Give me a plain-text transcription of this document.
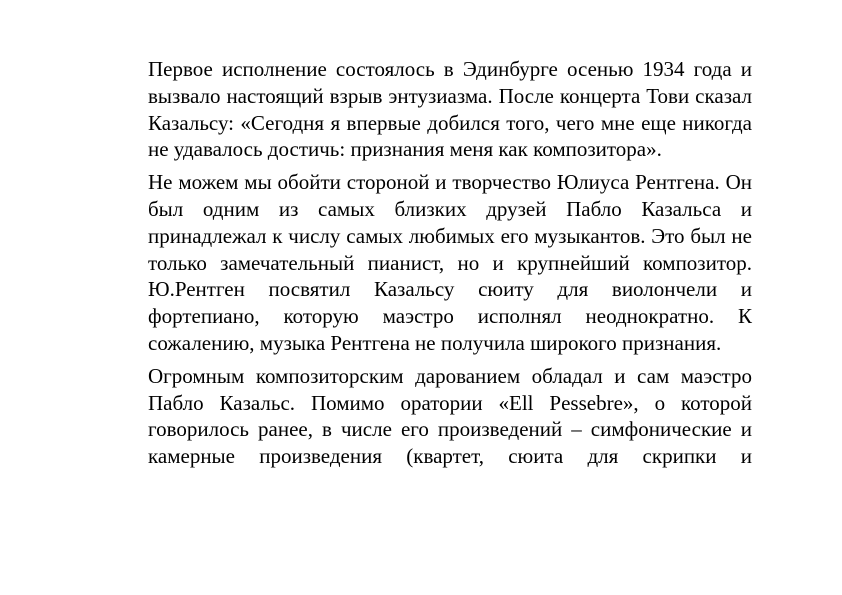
Первое исполнение состоялось в Эдинбурге осенью 1934 года и вызвало настоящий взрыв энтузиазма. После концерта Тови сказал Казальсу: «Сегодня я впервые добился того, чего мне еще никогда не удавалось достичь: признания меня как композитора».

Не можем мы обойти стороной и творчество Юлиуса Рентгена. Он был одним из самых близких друзей Пабло Казальса и принадлежал к числу самых любимых его музыкантов. Это был не только замечательный пианист, но и крупнейший композитор. Ю.Рентген посвятил Казальсу сюиту для виолончели и фортепиано, которую маэстро исполнял неоднократно. К сожалению, музыка Рентгена не получила широкого признания.

Огромным композиторским дарованием обладал и сам маэстро Пабло Казальс. Помимо оратории «Ell Pessebre», о которой говорилось ранее, в числе его произведений – симфонические и камерные произведения (квартет, сюита для скрипки и
